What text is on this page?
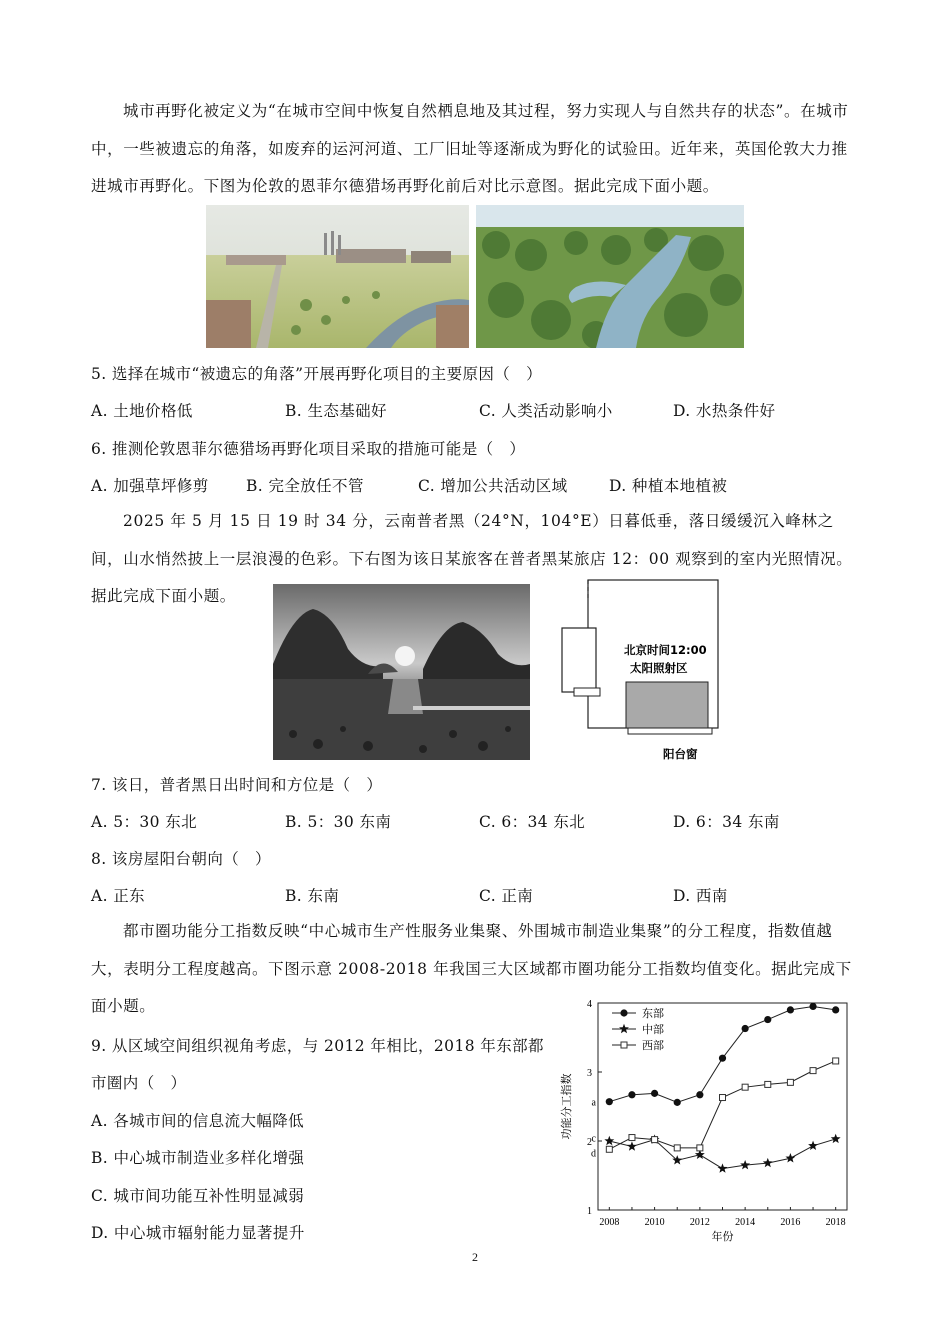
城市再野化被定义为“在城市空间中恢复自然栖息地及其过程，努力实现人与自然共存的状态”。在城市中，一些被遗忘的角落，如废弃的运河河道、工厂旧址等逐渐成为野化的试验田。近年来，英国伦敦大力推进城市再野化。下图为伦敦的恩菲尔德猎场再野化前后对比示意图。据此完成下面小题。

5. 选择在城市“被遗忘的角落”开展再野化项目的主要原因（　）
A. 土地价格低	B. 生态基础好	C. 人类活动影响小	D. 水热条件好
6. 推测伦敦恩菲尔德猎场再野化项目采取的措施可能是（　）
A. 加强草坪修剪 B. 完全放任不管	C. 增加公共活动区域	D. 种植本地植被

2025 年 5 月 15 日 19 时 34 分，云南普者黑（24°N，104°E）日暮低垂，落日缓缓沉入峰林之间，山水悄然披上一层浪漫的色彩。下右图为该日某旅客在普者黑某旅店 12：00 观察到的室内光照情况。据此完成下面小题。

北京时间12:00
太阳照射区
阳台窗
7. 该日，普者黑日出时间和方位是（　）
A. 5：30 东北	B. 5：30 东南	C. 6：34 东北	D. 6：34 东南
8. 该房屋阳台朝向（　）
A. 正东	B. 东南	C. 正南	D. 西南

都市圈功能分工指数反映“中心城市生产性服务业集聚、外围城市制造业集聚”的分工程度，指数值越大，表明分工程度越高。下图示意 2008-2018 年我国三大区域都市圈功能分工指数均值变化。据此完成下面小题。

9. 从区域空间组织视角考虑，与 2012 年相比，2018 年东部都
市圈内（　）
A. 各城市间的信息流大幅降低
B. 中心城市制造业多样化增强
C. 城市间功能互补性明显减弱
D. 中心城市辐射能力显著提升
1
2
3
4
2008	2010	2012	2014	2016	2018
年份
功能分工指数
东部
中部
西部
a
c
d
2
